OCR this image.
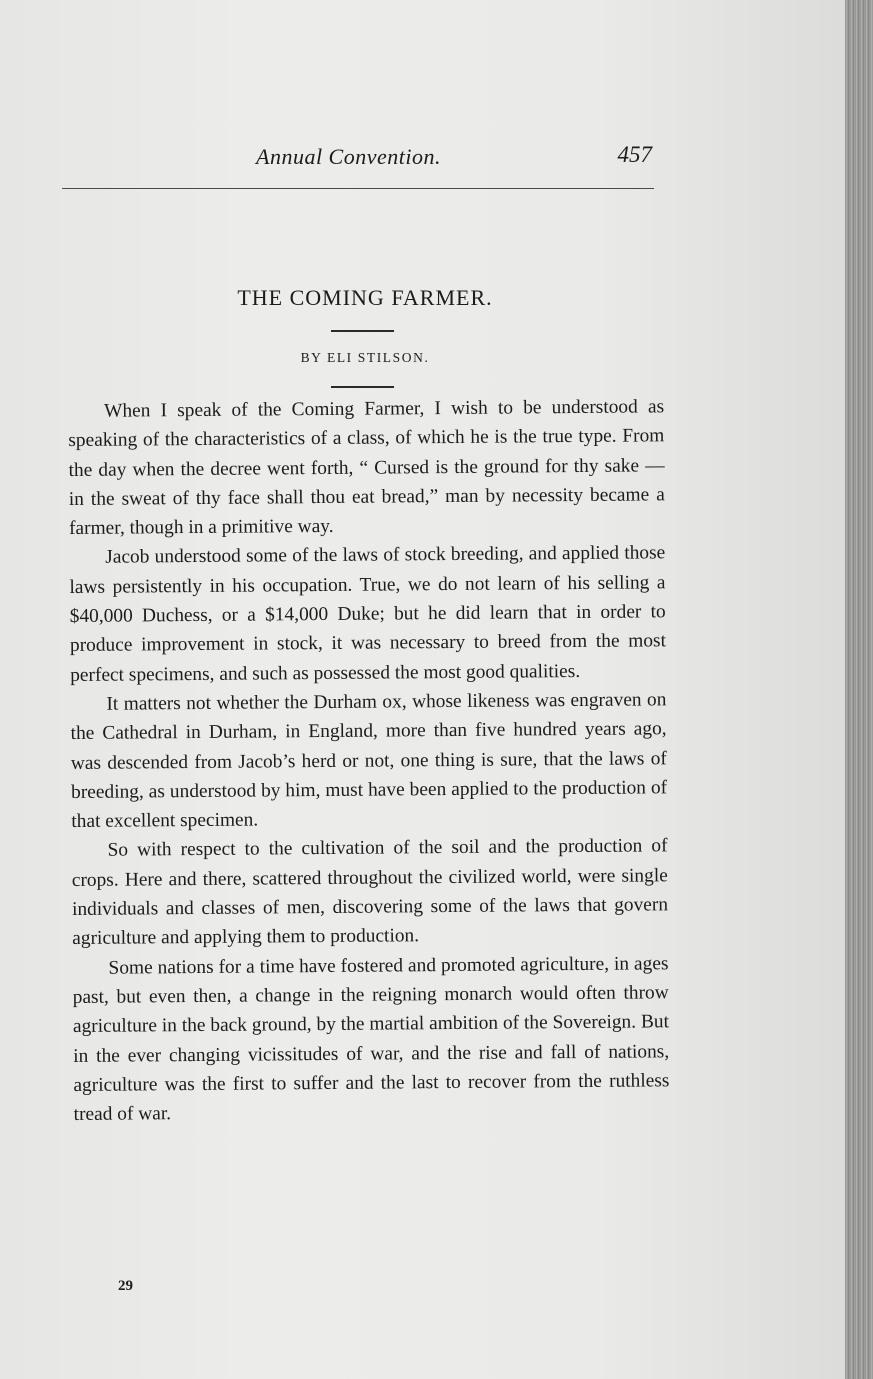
Annual Convention.	457
THE COMING FARMER.
BY ELI STILSON.

When I speak of the Coming Farmer, I wish to be understood as speaking of the characteristics of a class, of which he is the true type. From the day when the decree went forth, “ Cursed is the ground for thy sake — in the sweat of thy face shall thou eat bread,” man by necessity became a farmer, though in a primitive way.

Jacob understood some of the laws of stock breeding, and applied those laws persistently in his occupation. True, we do not learn of his selling a $40,000 Duchess, or a $14,000 Duke; but he did learn that in order to produce improvement in stock, it was necessary to breed from the most perfect specimens, and such as possessed the most good qualities.

It matters not whether the Durham ox, whose likeness was engraven on the Cathedral in Durham, in England, more than five hundred years ago, was descended from Jacob’s herd or not, one thing is sure, that the laws of breeding, as understood by him, must have been applied to the production of that excellent specimen.

So with respect to the cultivation of the soil and the production of crops. Here and there, scattered throughout the civilized world, were single individuals and classes of men, discovering some of the laws that govern agriculture and applying them to production.

Some nations for a time have fostered and promoted agriculture, in ages past, but even then, a change in the reigning monarch would often throw agriculture in the back ground, by the martial ambition of the Sovereign. But in the ever changing vicissitudes of war, and the rise and fall of nations, agriculture was the first to suffer and the last to recover from the ruthless tread of war.

29
